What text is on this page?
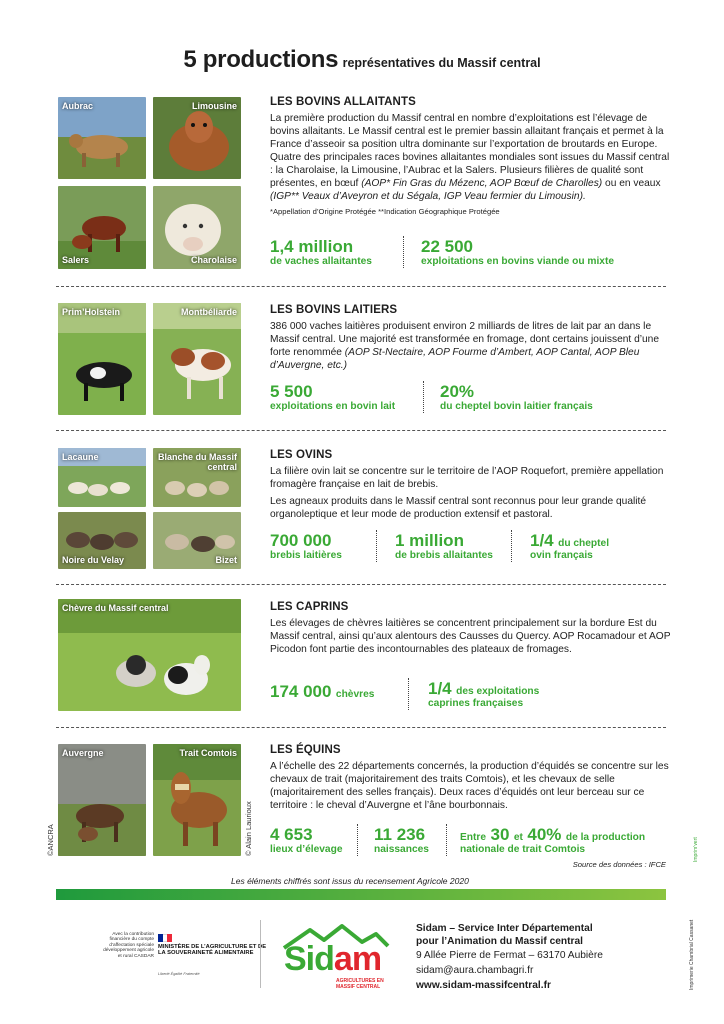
5 productions représentatives du Massif central
Aubrac	Limousine
Salers	Charolaise
LES BOVINS ALLAITANTS
La première production du Massif central en nombre d’exploitations est l’élevage de bovins allaitants. Le Massif central est le premier bassin allaitant français et permet à la France d’asseoir sa position ultra dominante sur l’exportation de broutards en Europe. Quatre des principales races bovines allaitantes mondiales sont issues du Massif central : la Charolaise, la Limousine, l’Aubrac et la Salers. Plusieurs filières de qualité sont présentes, en bœuf (AOP* Fin Gras du Mézenc, AOP Bœuf de Charolles) ou en veaux (IGP** Veaux d’Aveyron et du Ségala, IGP Veau fermier du Limousin).
*Appellation d’Origine Protégée **Indication Géographique Protégée
1,4 million
de vaches allaitantes
22 500
exploitations en bovins viande ou mixte
Prim’Holstein	Montbéliarde	LES BOVINS LAITIERS
386 000 vaches laitières produisent environ 2 milliards de litres de lait par an dans le Massif central. Une majorité est transformée en fromage, dont certains jouissent d’une forte renommée (AOP St-Nectaire, AOP Fourme d’Ambert, AOP Cantal, AOP Bleu d’Auvergne, etc.)
5 500
exploitations en bovin lait
20%
du cheptel bovin laitier français
Lacaune	Blanche du Massif central
Noire du Velay	Bizet
LES OVINS

La filière ovin lait se concentre sur le territoire de l’AOP Roquefort, première appellation fromagère française en lait de brebis.

Les agneaux produits dans le Massif central sont reconnus pour leur grande qualité organoleptique et leur mode de production extensif et pastoral.

700 000
brebis laitières
1 million
de brebis allaitantes
1/4 du cheptel
ovin français
Chèvre du Massif central	LES CAPRINS
Les élevages de chèvres laitières se concentrent principalement sur la bordure Est du Massif central, ainsi qu’aux alentours des Causses du Quercy. AOP Rocamadour et AOP Picodon font partie des incontournables des plateaux de fromages.
174 000 chèvres	1/4 des exploitations
caprines françaises
Auvergne	Trait Comtois
©ANCRA	© Alain Laurioux
LES ÉQUINS
A l’échelle des 22 départements concernés, la production d’équidés se concentre sur les chevaux de trait (majoritairement des traits Comtois), et les chevaux de selle (majoritairement des selles français). Deux races d’équidés ont leur berceau sur ce territoire : le cheval d’Auvergne et l’âne bourbonnais.
4 653
lieux d’élevage
11 236
naissances
Entre 30 et 40% de la production
nationale de trait Comtois
Source des données : IFCE
Les éléments chiffrés sont issus du recensement Agricole 2020
Avec la contribution financière du compte d’affectation spéciale développement agricole et rural CASDAR
MINISTÈRE DE L’AGRICULTURE ET DE LA SOUVERAINETÉ ALIMENTAIRE
Liberté Égalité Fraternité Sidam
AGRICULTURES EN MASSIF CENTRAL
Sidam – Service Inter Départemental
pour l’Animation du Massif central
9 Allée Pierre de Fermat – 63170 Aubière
sidam@aura.chambagri.fr
www.sidam-massifcentral.fr	Imprimerie Chambrial Cassanet
Imprim’vert
